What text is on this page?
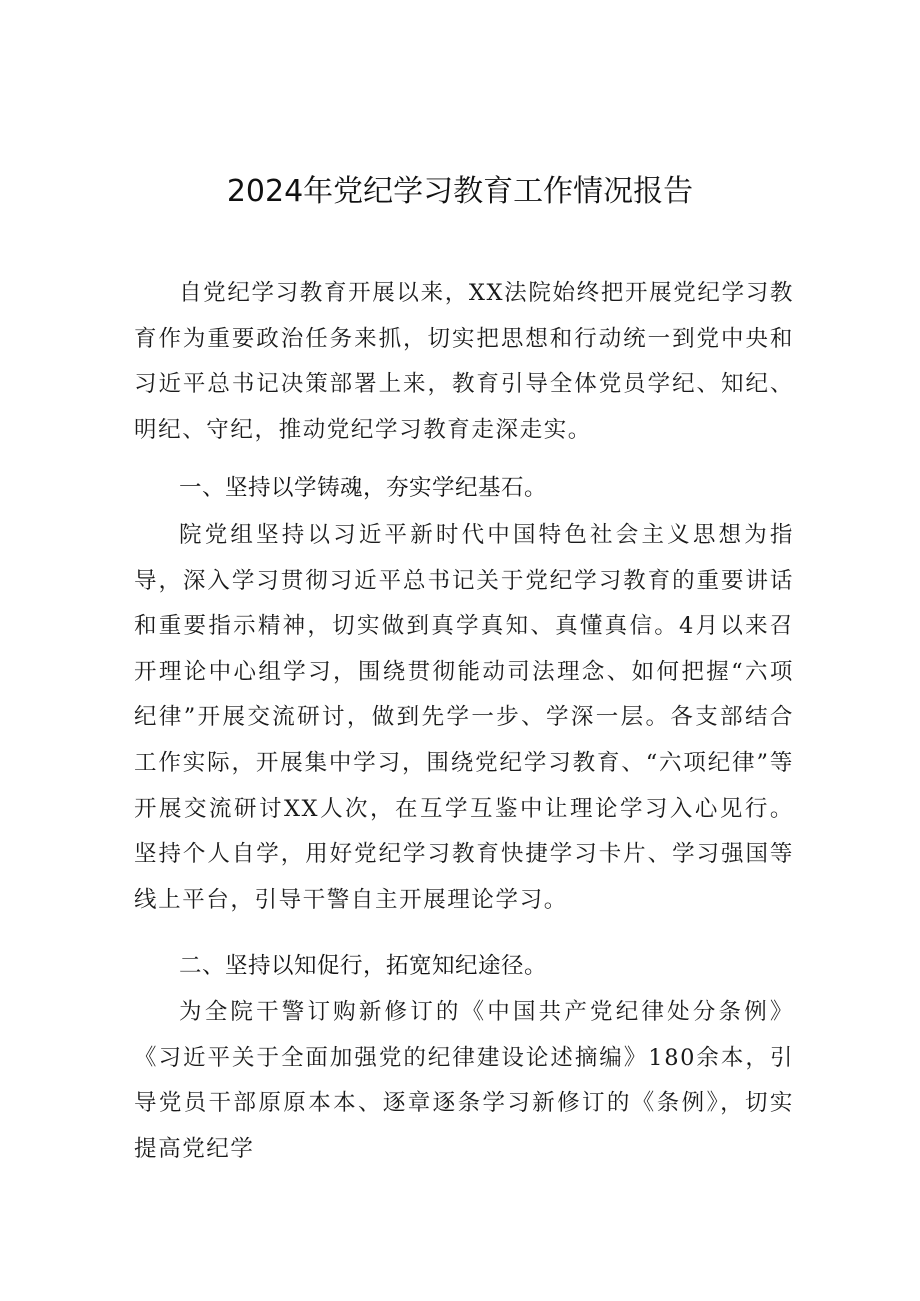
2024年党纪学习教育工作情况报告

自党纪学习教育开展以来，XX法院始终把开展党纪学习教育作为重要政治任务来抓，切实把思想和行动统一到党中央和习近平总书记决策部署上来，教育引导全体党员学纪、知纪、明纪、守纪，推动党纪学习教育走深走实。

一、坚持以学铸魂，夯实学纪基石。

院党组坚持以习近平新时代中国特色社会主义思想为指导，深入学习贯彻习近平总书记关于党纪学习教育的重要讲话和重要指示精神，切实做到真学真知、真懂真信。4月以来召开理论中心组学习，围绕贯彻能动司法理念、如何把握“六项纪律”开展交流研讨，做到先学一步、学深一层。各支部结合工作实际，开展集中学习，围绕党纪学习教育、“六项纪律”等开展交流研讨XX人次，在互学互鉴中让理论学习入心见行。坚持个人自学，用好党纪学习教育快捷学习卡片、学习强国等线上平台，引导干警自主开展理论学习。

二、坚持以知促行，拓宽知纪途径。

为全院干警订购新修订的《中国共产党纪律处分条例》《习近平关于全面加强党的纪律建设论述摘编》180余本，引导党员干部原原本本、逐章逐条学习新修订的《条例》，切实提高党纪学
